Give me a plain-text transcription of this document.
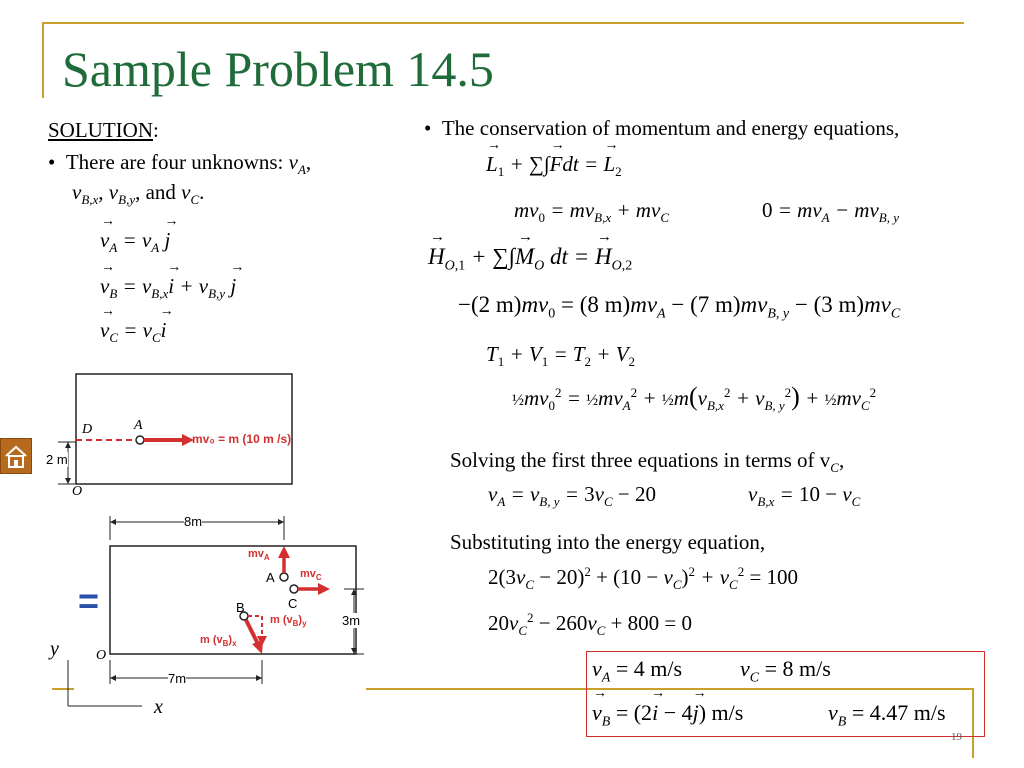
Sample Problem 14.5
SOLUTION:
•  There are four unknowns: $v_A$,
$v_{B,x}$, $v_{B,y}$, and $v_C$.
v
→
$_A = v_A$ j
→
v
→
$_B = v_{B,x}i$
→
+ $v_{B,y}$ j
→
v
→
$_C = v_Ci$
→
D	A
O
2 m
mv₀ = m (10 m /s)
=
8m
7m
3m
$mv_A$
A $mv_C$
C
B
m $(v_B)_y$
m $(v_B)_x$
O
y
x
•  The conservation of momentum and energy equations,
L
→
$_1$ + ∑∫F
→
dt = L
→
$_2$
$mv_0 = mv_{B,x} + mv_C$	$0 = mv_A - mv_{B, y}$
H
→
$_{O,1}$ + ∑∫M
→
$_O$ dt = H
→
$_{O,2}$
−(2 $m)mv_0 = (8$ $m)mv_A - (7$ $m)mv_{B, y} - (3$ $m)mv_C$
$T_1 + V_1 = T_2 + V_2$
$\frac{1}{2}mv_0^2$ = $\frac{1}{2}mv_A^2$ + $\frac{1}{2}m(v_{B,x}^2 + v_{B, y}^2)$ + $\frac{1}{2}mv_C^2$
Solving the first three equations in terms of $v_C$,
$v_A = v_{B, y} = 3v_C - 20$	$v_{B,x} = 10 - v_C$
Substituting into the energy equation,
$2(3v_C - 20)^2 + (10 - v_C)^2 + v_C^2 = 100$
$20v_C^2 - 260v_C + 800 = 0$
$v_A = 4$ m/s	$v_C = 8$ m/s
v
→
$_B$ = (2i
→
− 4j
→
) m/s	$v_B = 4.47$ m/s
19
